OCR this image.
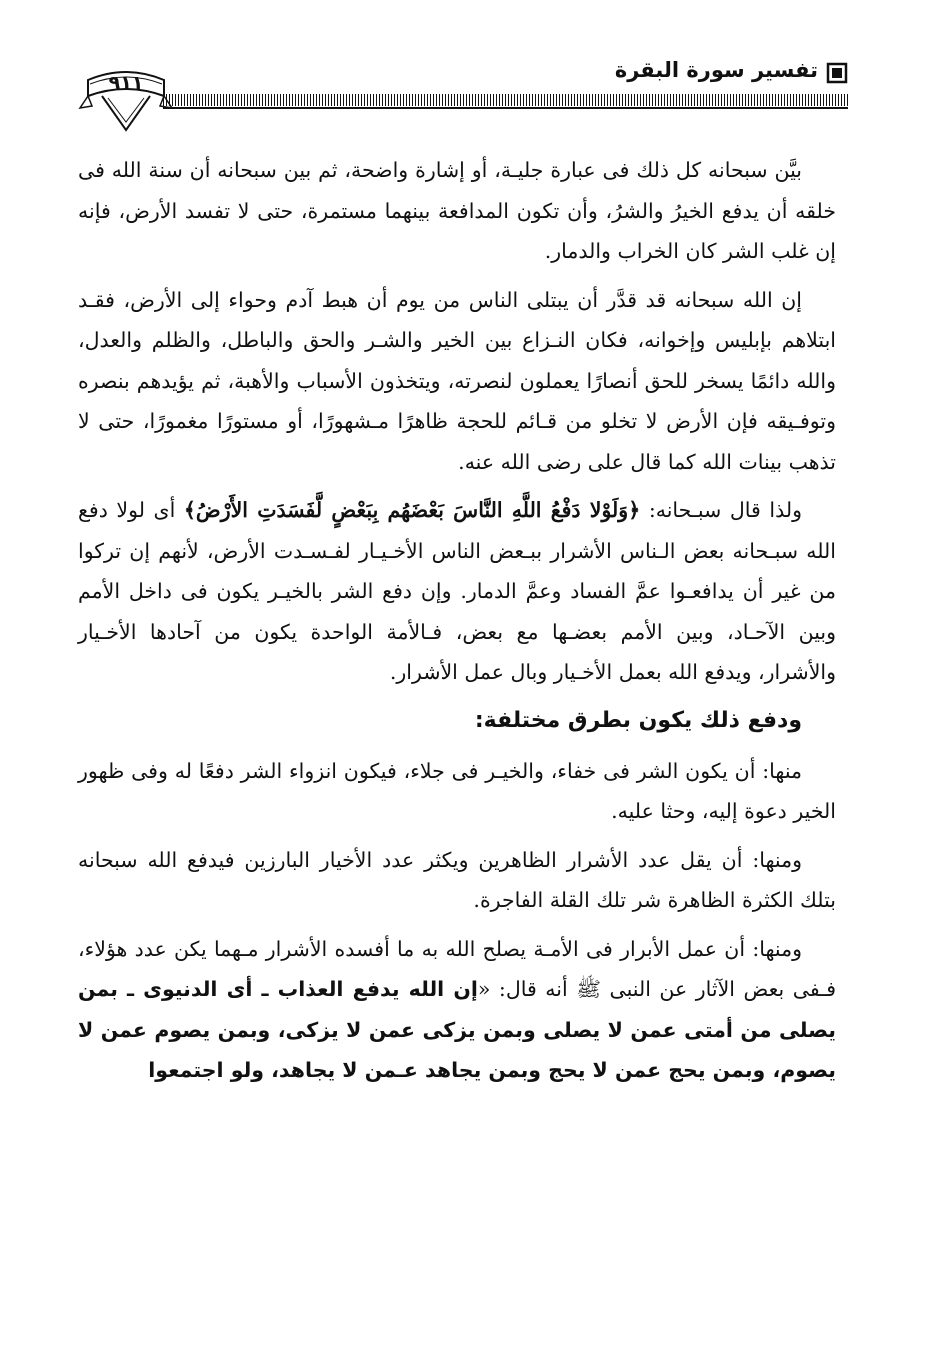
تفسير سورة البقرة
٩١١

بيَّن سبحانه كل ذلك فى عبارة جليـة، أو إشارة واضحة، ثم بين سبحانه أن سنة الله فى خلقه أن يدفع الخيرُ والشرُ، وأن تكون المدافعة بينهما مستمرة، حتى لا تفسد الأرض، فإنه إن غلب الشر كان الخراب والدمار.

إن الله سبحانه قد قدَّر أن يبتلى الناس من يوم أن هبط آدم وحواء إلى الأرض، فقـد ابتلاهم بإبليس وإخوانه، فكان النـزاع بين الخير والشـر والحق والباطل، والظلم والعدل، والله دائمًا يسخر للحق أنصارًا يعملون لنصرته، ويتخذون الأسباب والأهبة، ثم يؤيدهم بنصره وتوفـيقه فإن الأرض لا تخلو من قـائم للحجة ظاهرًا مـشهورًا، أو مستورًا مغمورًا، حتى لا تذهب بينات الله كما قال على رضى الله عنه.

ولذا قال سبـحانه: ﴿وَلَوْلا دَفْعُ اللَّهِ النَّاسَ بَعْضَهُم بِبَعْضٍ لَّفَسَدَتِ الأَرْضُ﴾ أى لولا دفع الله سبـحانه بعض الـناس الأشرار ببـعض الناس الأخـيـار لفـسـدت الأرض، لأنهم إن تركوا من غير أن يدافعـوا عمَّ الفساد وعمَّ الدمار. وإن دفع الشر بالخيـر يكون فى داخل الأمم وبين الآحـاد، وبين الأمم بعضـها مع بعض، فـالأمة الواحدة يكون من آحادها الأخـيار والأشرار، ويدفع الله بعمل الأخـيار وبال عمل الأشرار.

ودفع ذلك يكون بطرق مختلفة:

منها: أن يكون الشر فى خفاء، والخيـر فى جلاء، فيكون انزواء الشر دفعًا له وفى ظهور الخير دعوة إليه، وحثا عليه.

ومنها: أن يقل عدد الأشرار الظاهرين ويكثر عدد الأخيار البارزين فيدفع الله سبحانه بتلك الكثرة الظاهرة شر تلك القلة الفاجرة.

ومنها: أن عمل الأبرار فى الأمـة يصلح الله به ما أفسده الأشرار مـهما يكن عدد هؤلاء، فـفى بعض الآثار عن النبى ﷺ أنه قال: «إن الله يدفع العذاب ـ أى الدنيوى ـ بمن يصلى من أمتى عمن لا يصلى وبمن يزكى عمن لا يزكى، وبمن يصوم عمن لا يصوم، وبمن يحج عمن لا يحج وبمن يجاهد عـمن لا يجاهد، ولو اجتمعوا
